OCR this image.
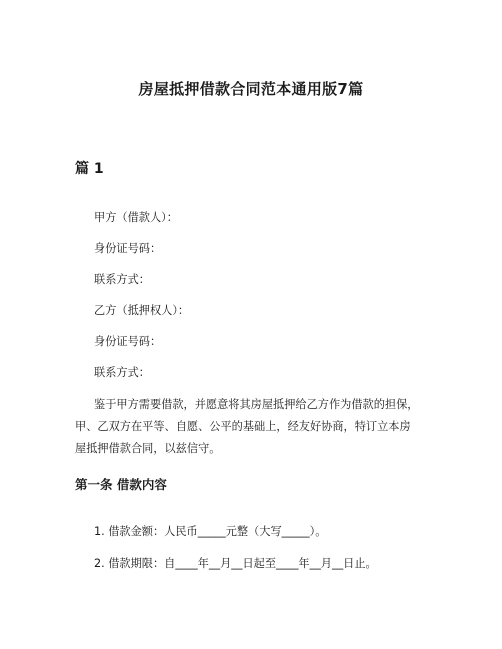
房屋抵押借款合同范本通用版7篇
篇 1
甲方（借款人）：
身份证号码：
联系方式：
乙方（抵押权人）：
身份证号码：
联系方式：
鉴于甲方需要借款，并愿意将其房屋抵押给乙方作为借款的担保，
甲、乙双方在平等、自愿、公平的基础上，经友好协商，特订立本房
屋抵押借款合同，以兹信守。
第一条 借款内容
1. 借款金额：人民币_____元整（大写_____）。
2. 借款期限：自____年__月__日起至____年__月__日止。
